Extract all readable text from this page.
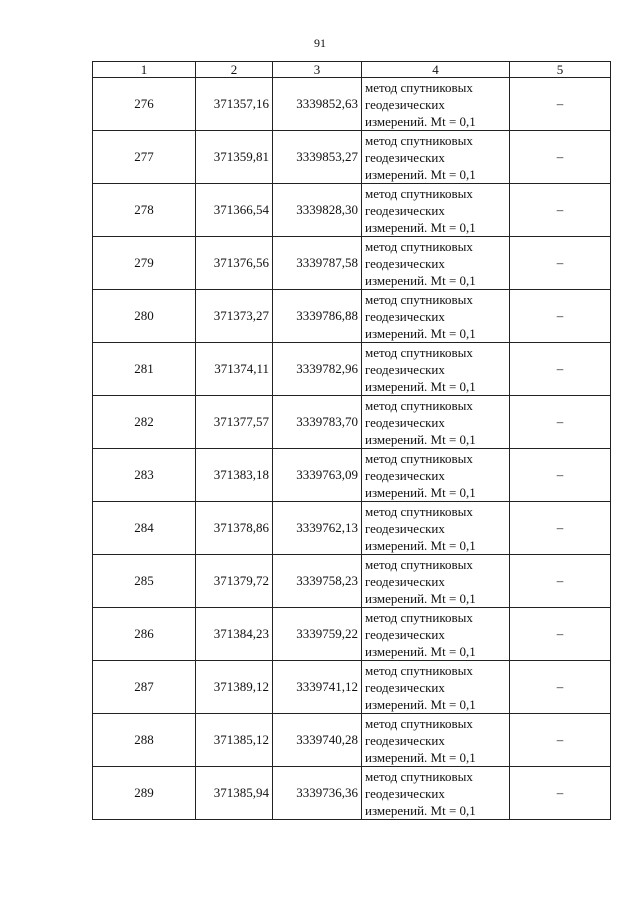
91
1	2	3	4	5
276	371357,16	3339852,63	метод спутниковых
геодезических
измерений. Mt = 0,1	–
277	371359,81	3339853,27	метод спутниковых
геодезических
измерений. Mt = 0,1	–
278	371366,54	3339828,30	метод спутниковых
геодезических
измерений. Mt = 0,1	–
279	371376,56	3339787,58	метод спутниковых
геодезических
измерений. Mt = 0,1	–
280	371373,27	3339786,88	метод спутниковых
геодезических
измерений. Mt = 0,1	–
281	371374,11	3339782,96	метод спутниковых
геодезических
измерений. Mt = 0,1	–
282	371377,57	3339783,70	метод спутниковых
геодезических
измерений. Mt = 0,1	–
283	371383,18	3339763,09	метод спутниковых
геодезических
измерений. Mt = 0,1	–
284	371378,86	3339762,13	метод спутниковых
геодезических
измерений. Mt = 0,1	–
285	371379,72	3339758,23	метод спутниковых
геодезических
измерений. Mt = 0,1	–
286	371384,23	3339759,22	метод спутниковых
геодезических
измерений. Mt = 0,1	–
287	371389,12	3339741,12	метод спутниковых
геодезических
измерений. Mt = 0,1	–
288	371385,12	3339740,28	метод спутниковых
геодезических
измерений. Mt = 0,1	–
289	371385,94	3339736,36	метод спутниковых
геодезических
измерений. Mt = 0,1	–
